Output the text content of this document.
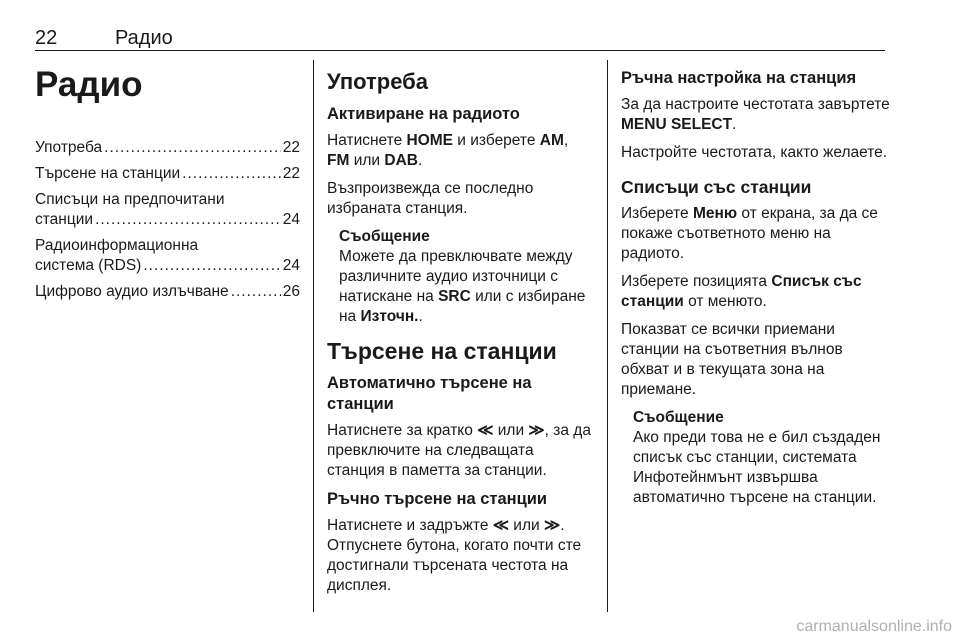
22	Радио
Радио
Употреба .....	22
Търсене на станции .....	22
Списъци на предпочитани
станции .....	24
Радиоинформационна
система (RDS) .....	24
Цифрово аудио излъчване .....	26
Употреба
Активиране на радиото

Натиснете HOME и изберете AM,
FM или DAB.

Възпроизвежда се последно избраната станция.

Съобщение
Можете да превключвате между различните аудио източници с натискане на SRC или с избиране на Източн..
Търсене на станции
Автоматично търсене на станции

Натиснете за кратко ≪ или ≫, за да превключите на следващата станция в паметта за станции.

Ръчно търсене на станции

Натиснете и задръжте ≪ или ≫. Отпуснете бутона, когато почти сте достигнали търсената честота на дисплея.

Ръчна настройка на станция

За да настроите честотата завъртете MENU SELECT.

Настройте честотата, както желаете.

Списъци със станции

Изберете Меню от екрана, за да се покаже съответното меню на радиото.

Изберете позицията Списък със станции от менюто.

Показват се всички приемани станции на съответния вълнов обхват и в текущата зона на приемане.

Съобщение
Ако преди това не е бил създаден списък със станции, системата Инфотейнмънт извършва автоматично търсене на станции.
carmanualsonline.info
